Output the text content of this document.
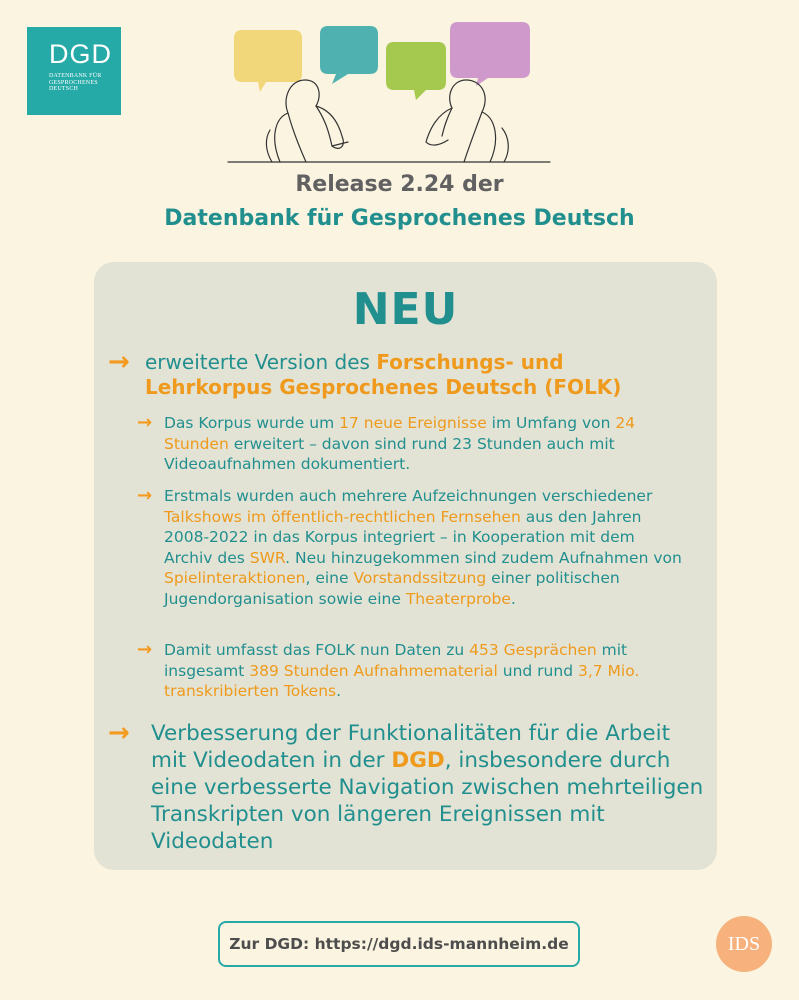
DGD
DATENBANK FÜR
GESPROCHENES
DEUTSCH
Release 2.24 der
Datenbank für Gesprochenes Deutsch
NEU
→ erweiterte Version des Forschungs- und Lehrkorpus Gesprochenes Deutsch (FOLK)
→ Das Korpus wurde um 17 neue Ereignisse im Umfang von 24 Stunden erweitert – davon sind rund 23 Stunden auch mit Videoaufnahmen dokumentiert.
→ Erstmals wurden auch mehrere Aufzeichnungen verschiedener Talkshows im öffentlich-rechtlichen Fernsehen aus den Jahren 2008-2022 in das Korpus integriert – in Kooperation mit dem Archiv des SWR. Neu hinzugekommen sind zudem Aufnahmen von Spielinteraktionen, eine Vorstandssitzung einer politischen Jugendorganisation sowie eine Theaterprobe.
→ Damit umfasst das FOLK nun Daten zu 453 Gesprächen mit insgesamt 389 Stunden Aufnahmematerial und rund 3,7 Mio. transkribierten Tokens.
→ Verbesserung der Funktionalitäten für die Arbeit mit Videodaten in der DGD, insbesondere durch eine verbesserte Navigation zwischen mehrteiligen Transkripten von längeren Ereignissen mit Videodaten
Zur DGD: https://dgd.ids-mannheim.de	IDS
